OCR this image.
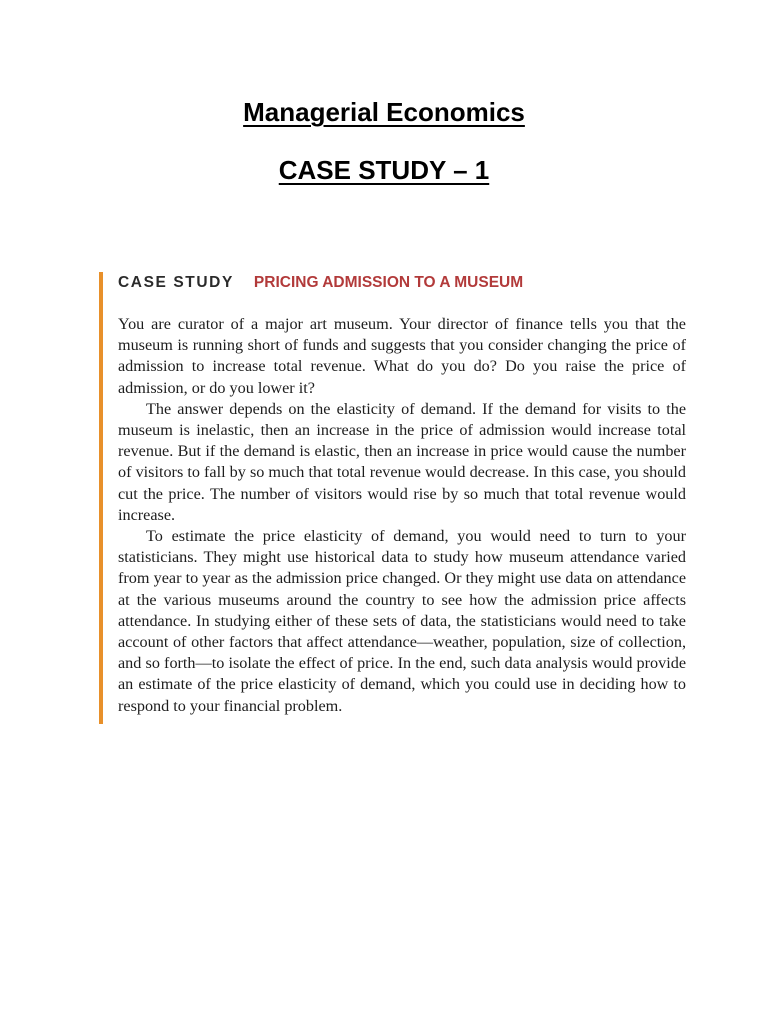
Managerial Economics
CASE STUDY – 1
CASE STUDY PRICING ADMISSION TO A MUSEUM

You are curator of a major art museum. Your director of finance tells you that the museum is running short of funds and suggests that you consider changing the price of admission to increase total revenue. What do you do? Do you raise the price of admission, or do you lower it?

The answer depends on the elasticity of demand. If the demand for visits to the museum is inelastic, then an increase in the price of admission would increase total revenue. But if the demand is elastic, then an increase in price would cause the number of visitors to fall by so much that total revenue would decrease. In this case, you should cut the price. The number of visitors would rise by so much that total revenue would increase.

To estimate the price elasticity of demand, you would need to turn to your statisticians. They might use historical data to study how museum attendance varied from year to year as the admission price changed. Or they might use data on attendance at the various museums around the country to see how the admission price affects attendance. In studying either of these sets of data, the statisticians would need to take account of other factors that affect attendance—weather, population, size of collection, and so forth—to isolate the effect of price. In the end, such data analysis would provide an estimate of the price elasticity of demand, which you could use in deciding how to respond to your financial problem.
